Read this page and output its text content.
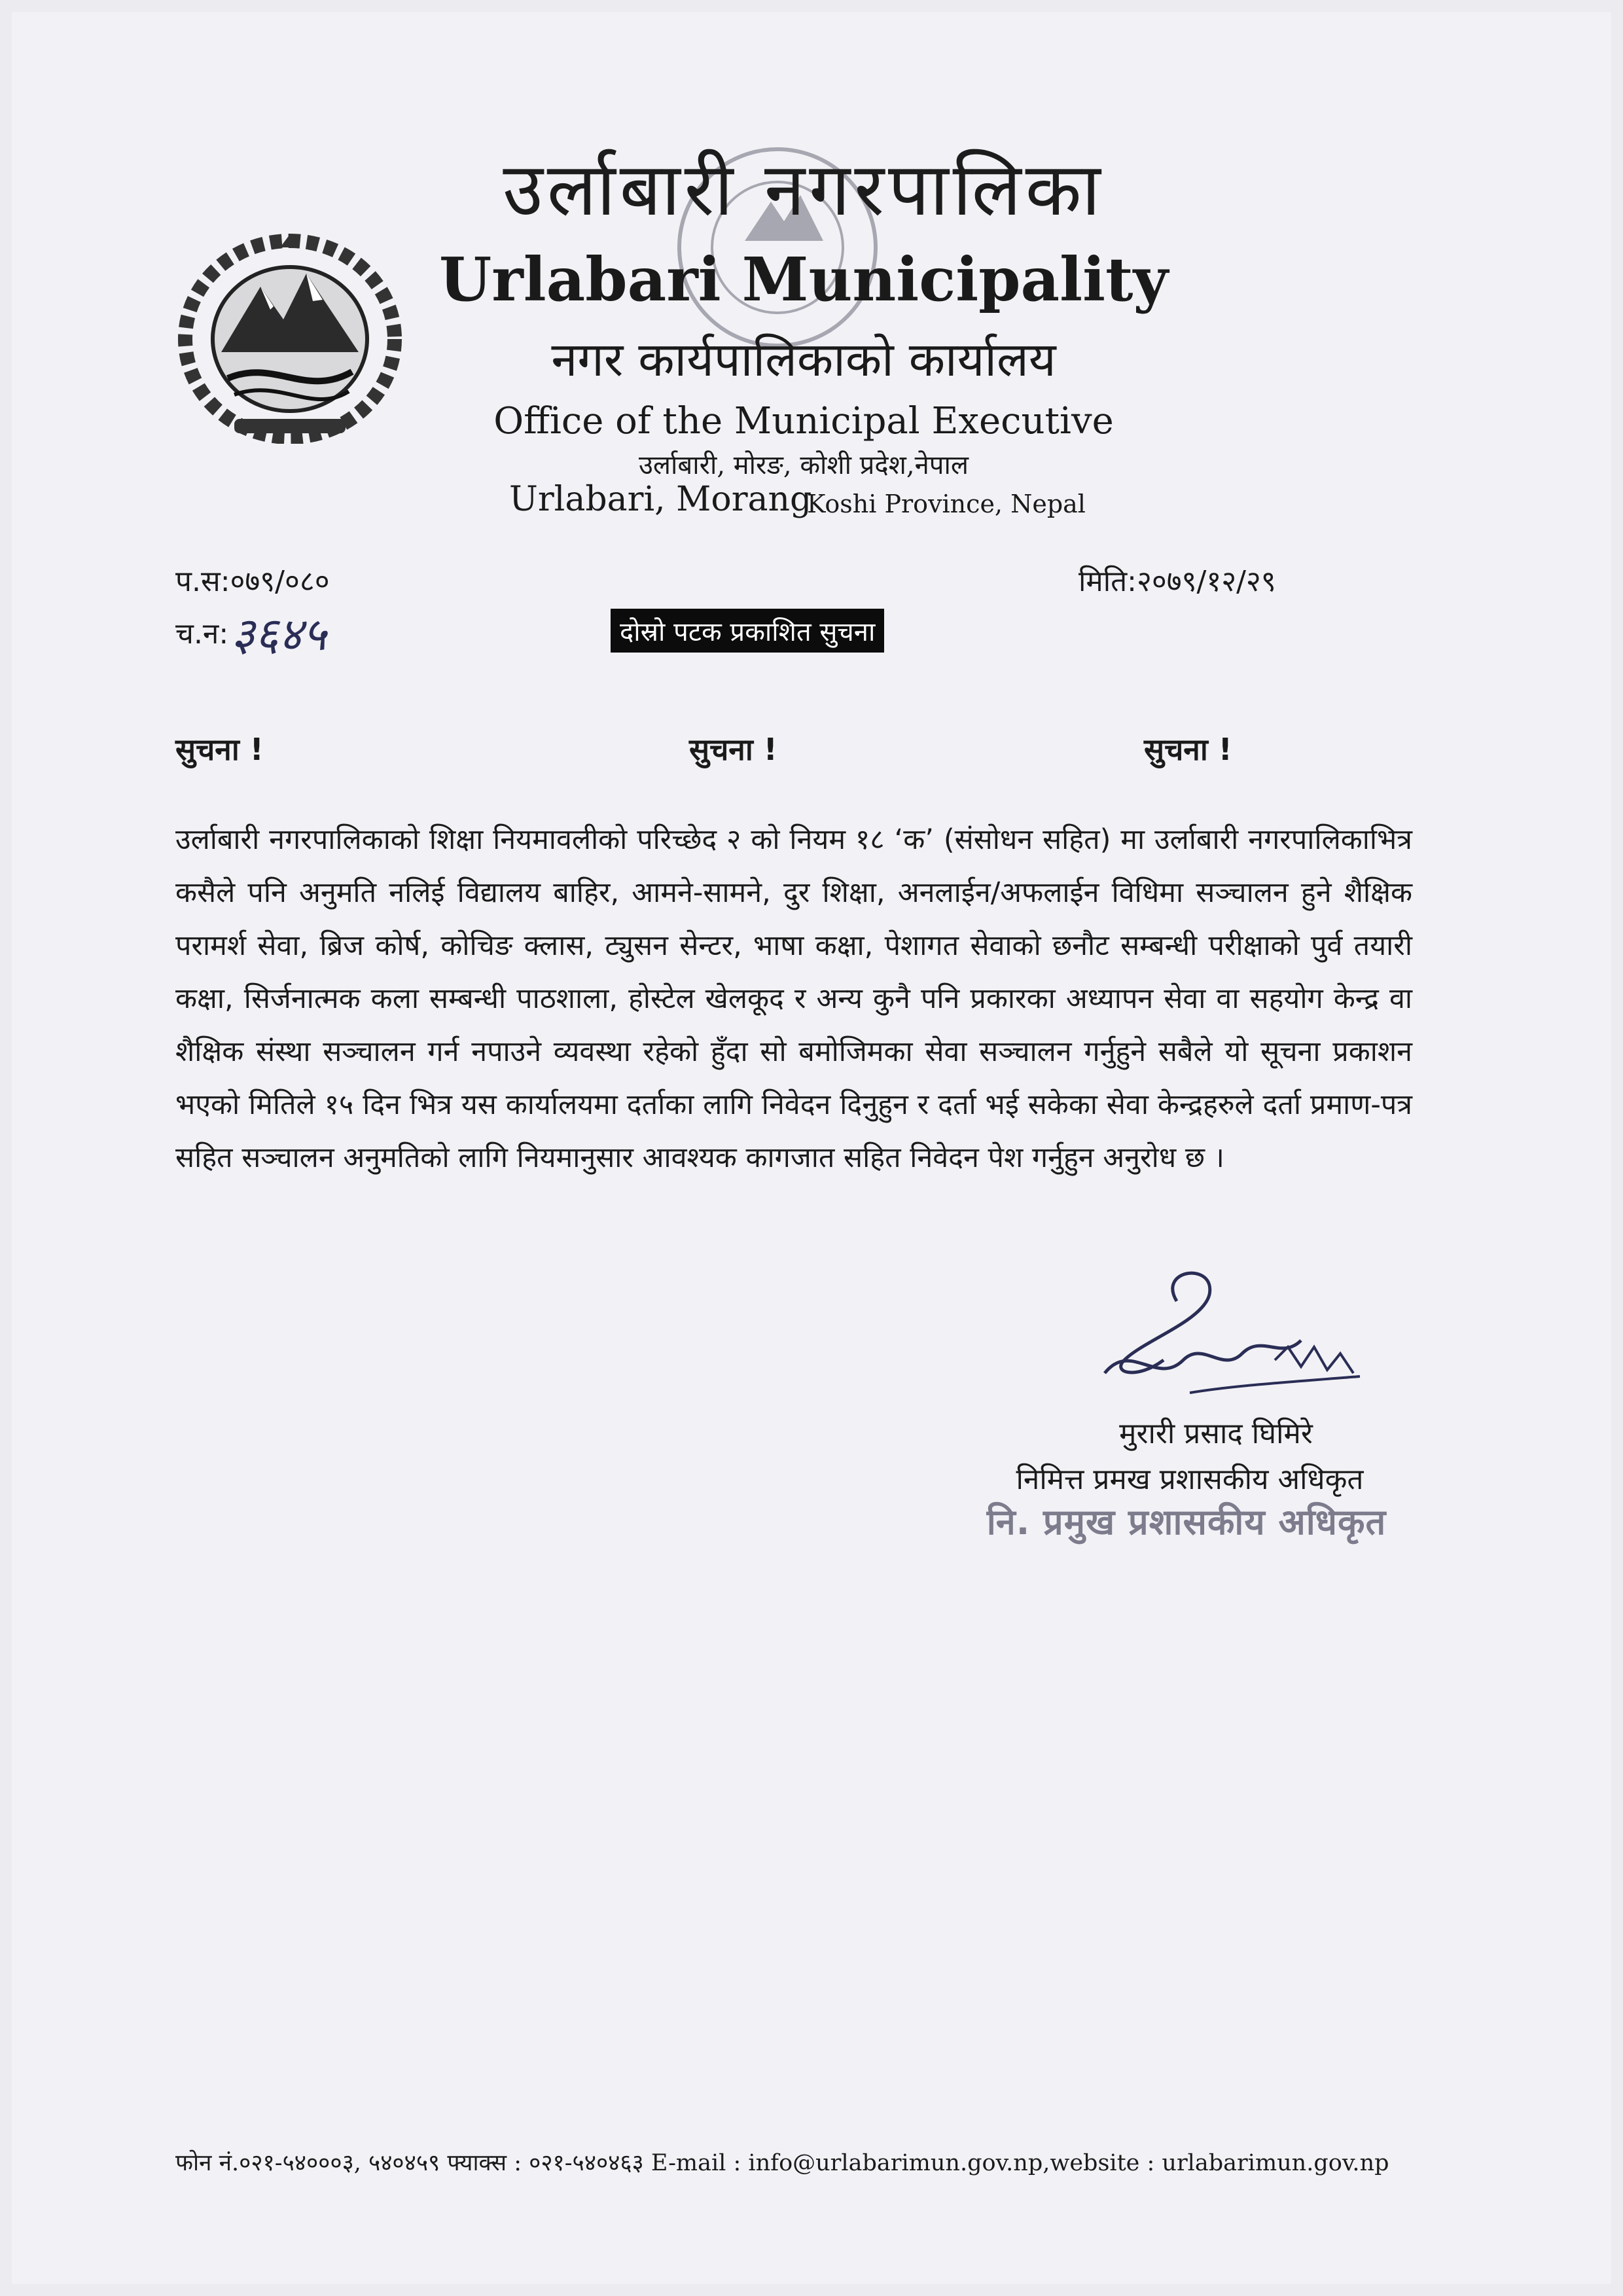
उर्लाबारी नगरपालिका
Urlabari Municipality
नगर कार्यपालिकाको कार्यालय
Office of the Municipal Executive
उर्लाबारी, मोरङ, कोशी प्रदेश,नेपाल
Urlabari, Morang
Koshi Province, Nepal
प.स:०७९/०८०
च.न: ३६४५
मिति:२०७९/१२/२९
दोस्रो पटक प्रकाशित सुचना
सुचना !	सुचना !	सुचना !
उर्लाबारी नगरपालिकाको शिक्षा नियमावलीको परिच्छेद २ को नियम १८ ‘क’ (संसोधन सहित) मा उर्लाबारी नगरपालिकाभित्र कसैले पनि अनुमति नलिई विद्यालय बाहिर, आमने-सामने, दुर शिक्षा, अनलाईन/अफलाईन विधिमा सञ्चालन हुने शैक्षिक परामर्श सेवा, ब्रिज कोर्ष, कोचिङ क्लास, ट्युसन सेन्टर, भाषा कक्षा, पेशागत सेवाको छनौट सम्बन्धी परीक्षाको पुर्व तयारी कक्षा, सिर्जनात्मक कला सम्बन्धी पाठशाला, होस्टेल खेलकूद र अन्य कुनै पनि प्रकारका अध्यापन सेवा वा सहयोग केन्द्र वा शैक्षिक संस्था सञ्चालन गर्न नपाउने व्यवस्था रहेको हुँदा सो बमोजिमका सेवा सञ्चालन गर्नुहुने सबैले यो सूचना प्रकाशन भएको मितिले १५ दिन भित्र यस कार्यालयमा दर्ताका लागि निवेदन दिनुहुन र दर्ता भई सकेका सेवा केन्द्रहरुले दर्ता प्रमाण-पत्र सहित सञ्चालन अनुमतिको लागि नियमानुसार आवश्यक कागजात सहित निवेदन पेश गर्नुहुन अनुरोध छ ।
मुरारी प्रसाद घिमिरे
निमित्त प्रमख प्रशासकीय अधिकृत
नि. प्रमुख प्रशासकीय अधिकृत
फोन नं.०२१-५४०००३, ५४०४५९ फ्याक्स : ०२१-५४०४६३ E-mail : info@urlabarimun.gov.np,website : urlabarimun.gov.np
